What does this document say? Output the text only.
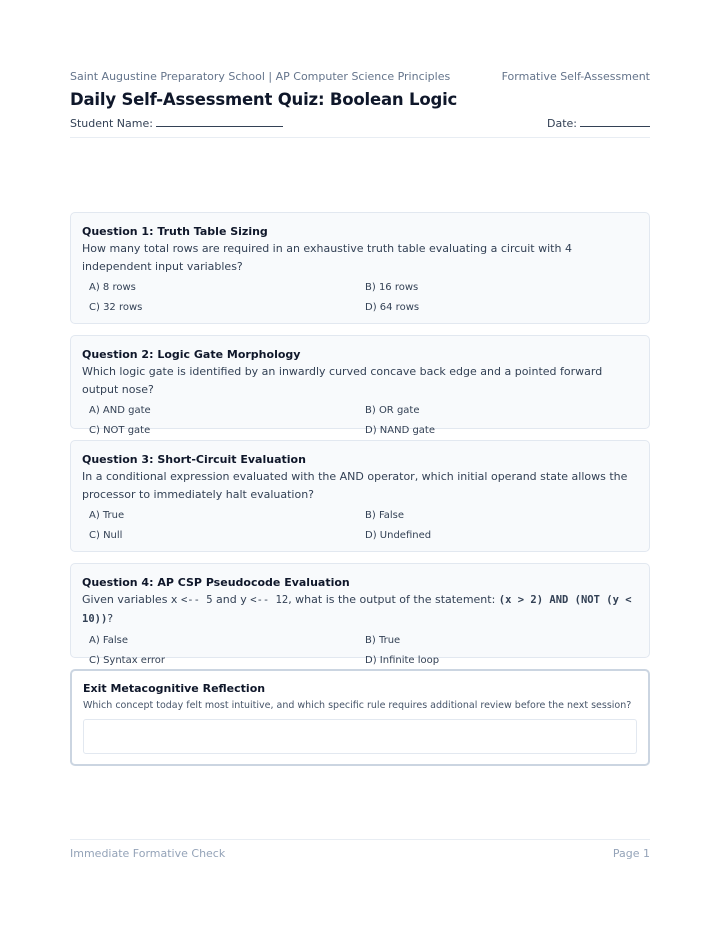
Saint Augustine Preparatory School | AP Computer Science Principles	Formative Self-Assessment
Daily Self-Assessment Quiz: Boolean Logic
Student Name:	Date:
Question 1: Truth Table Sizing
How many total rows are required in an exhaustive truth table evaluating a circuit with 4 independent input variables?
A) 8 rows	B) 16 rows
C) 32 rows	D) 64 rows
Question 2: Logic Gate Morphology
Which logic gate is identified by an inwardly curved concave back edge and a pointed forward output nose?
A) AND gate	B) OR gate
C) NOT gate	D) NAND gate
Question 3: Short-Circuit Evaluation
In a conditional expression evaluated with the AND operator, which initial operand state allows the processor to immediately halt evaluation?
A) True	B) False
C) Null	D) Undefined
Question 4: AP CSP Pseudocode Evaluation
Given variables x <-- 5 and y <-- 12, what is the output of the statement: (x > 2) AND (NOT (y < 10))?
A) False	B) True
C) Syntax error	D) Infinite loop
Exit Metacognitive Reflection
Which concept today felt most intuitive, and which specific rule requires additional review before the next session?
Immediate Formative Check	Page 1
